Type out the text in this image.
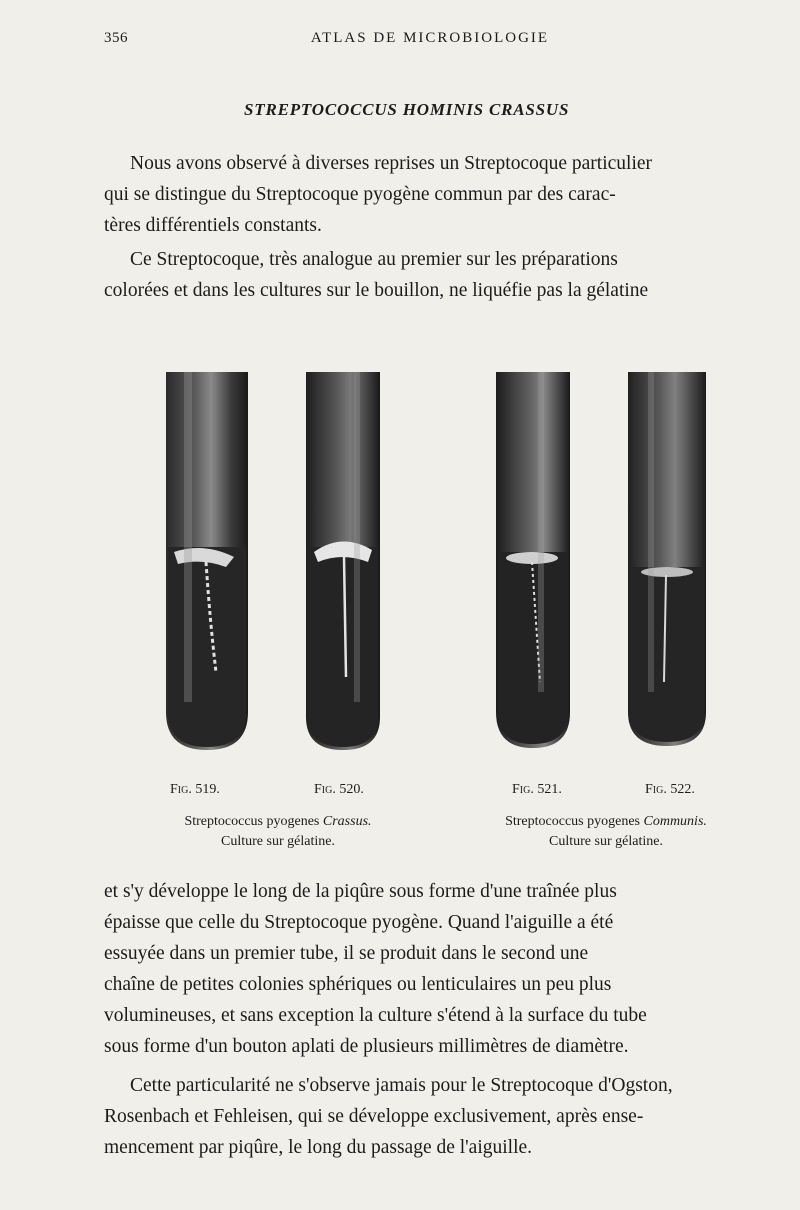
356	ATLAS DE MICROBIOLOGIE
STREPTOCOCCUS HOMINIS CRASSUS
Nous avons observé à diverses reprises un Streptocoque particulier
qui se distingue du Streptocoque pyogène commun par des carac-
tères différentiels constants.
Ce Streptocoque, très analogue au premier sur les préparations
colorées et dans les cultures sur le bouillon, ne liquéfie pas la gélatine
Fig. 519.	Fig. 520.	Fig. 521.	Fig. 522.
Streptococcus pyogenes Crassus.
Culture sur gélatine.
Streptococcus pyogenes Communis.
Culture sur gélatine.
et s'y développe le long de la piqûre sous forme d'une traînée plus
épaisse que celle du Streptocoque pyogène. Quand l'aiguille a été
essuyée dans un premier tube, il se produit dans le second une
chaîne de petites colonies sphériques ou lenticulaires un peu plus
volumineuses, et sans exception la culture s'étend à la surface du tube
sous forme d'un bouton aplati de plusieurs millimètres de diamètre.
Cette particularité ne s'observe jamais pour le Streptocoque d'Ogston,
Rosenbach et Fehleisen, qui se développe exclusivement, après ense-
mencement par piqûre, le long du passage de l'aiguille.
